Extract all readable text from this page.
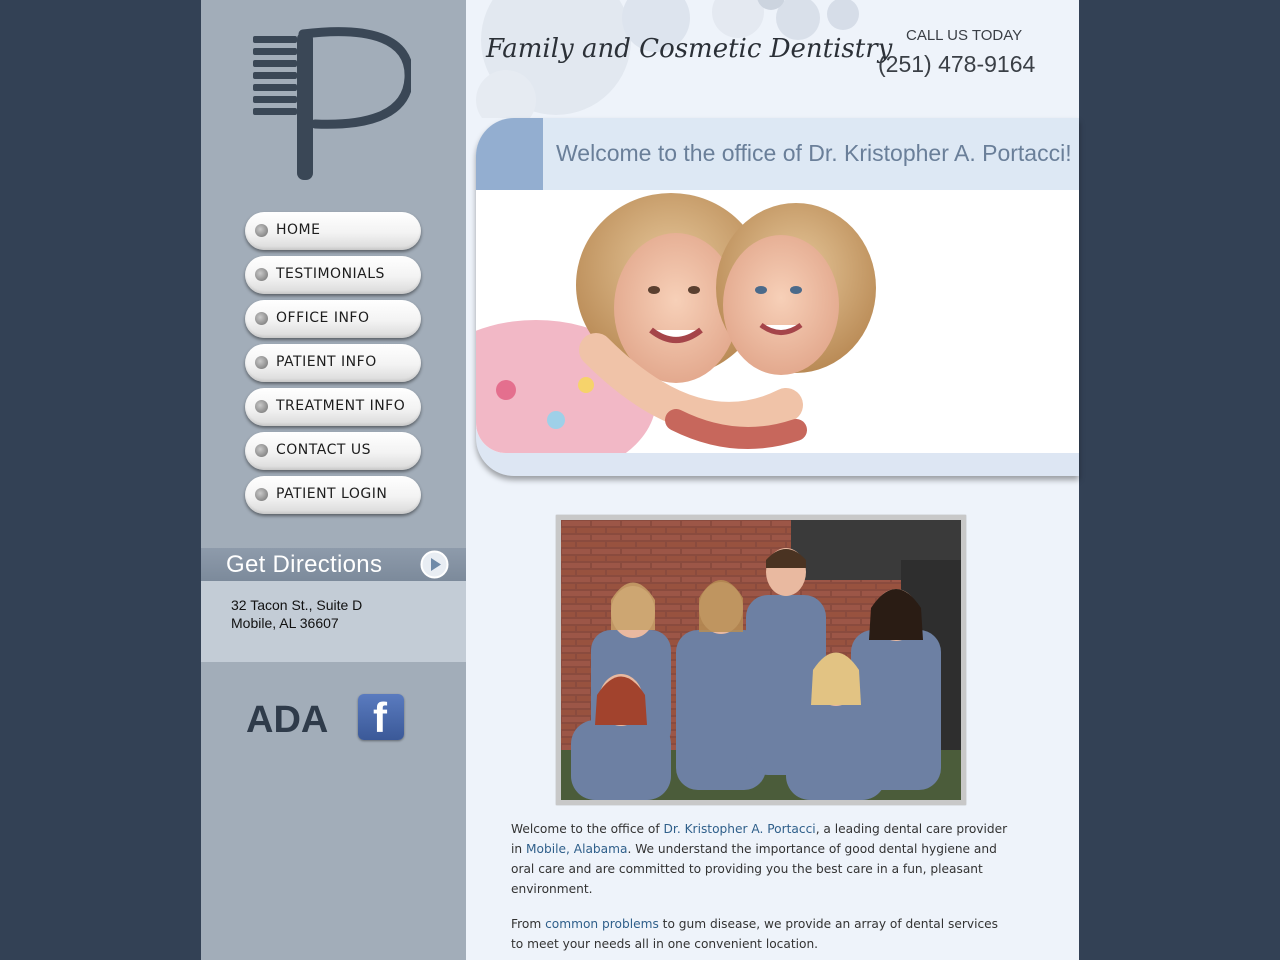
HOME
TESTIMONIALS
OFFICE INFO
PATIENT INFO
TREATMENT INFO
CONTACT US
PATIENT LOGIN
Get Directions
32 Tacon St., Suite D
Mobile, AL 36607
ADA f
Family and Cosmetic Dentistry CALL US TODAY
(251) 478-9164
Welcome to the office of Dr. Kristopher A. Portacci!

Welcome to the office of Dr. Kristopher A. Portacci, a leading dental care provider in Mobile, Alabama. We understand the importance of good dental hygiene and oral care and are committed to providing you the best care in a fun, pleasant environment.

From common problems to gum disease, we provide an array of dental services to meet your needs all in one convenient location.
